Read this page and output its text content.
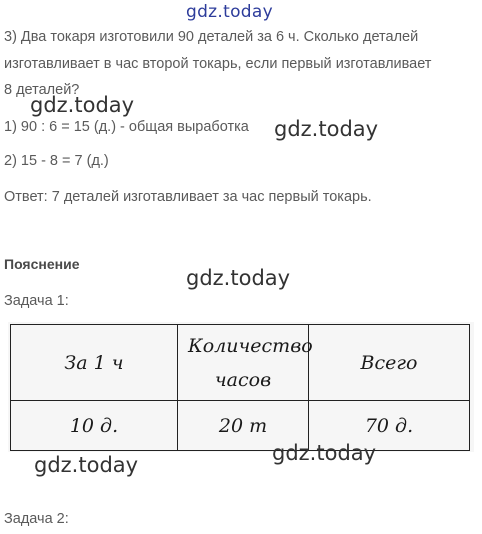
gdz.today
3) Два токаря изготовили 90 деталей за 6 ч. Сколько деталей
изготавливает в час второй токарь, если первый изготавливает
8 деталей?
gdz.today
1) 90 : 6 = 15 (д.) - общая выработка gdz.today
2) 15 - 8 = 7 (д.)
Ответ: 7 деталей изготавливает за час первый токарь.
Пояснение
gdz.today
Задача 1:
За 1 ч	Количество часов	Всего
10 д.	20 т	70 д.
gdz.today	gdz.today
Задача 2:
